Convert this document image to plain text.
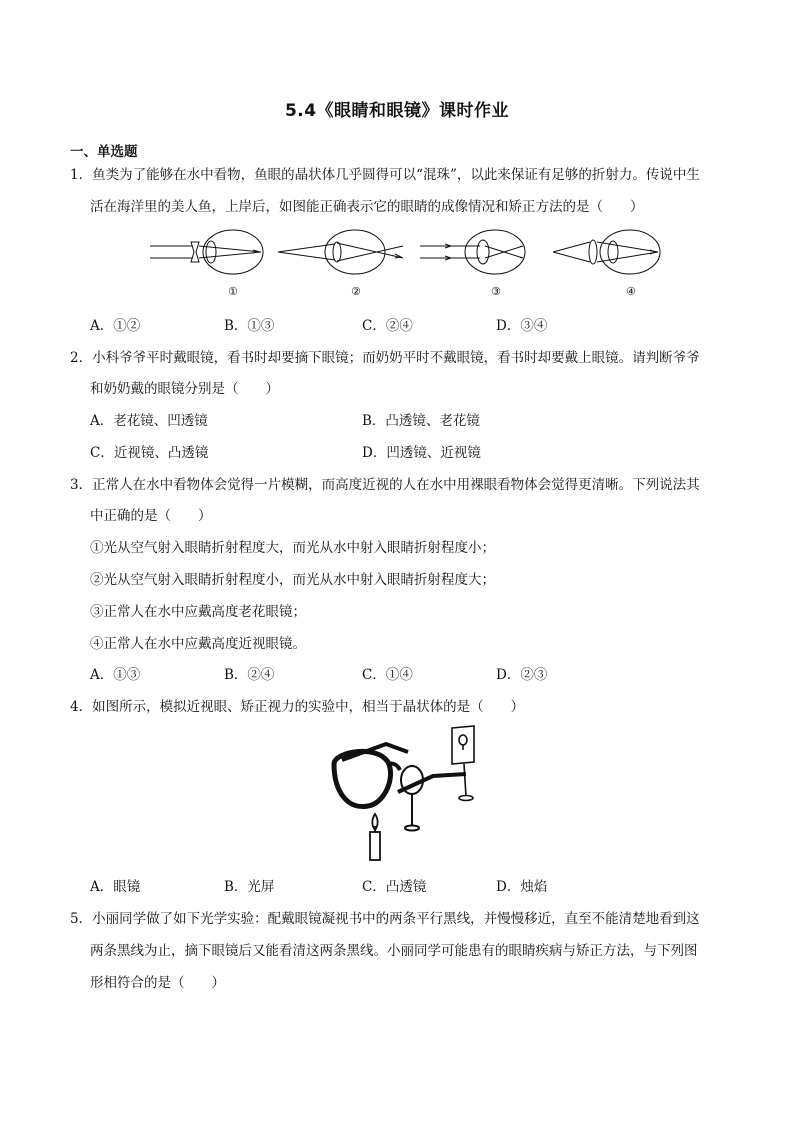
5.4《眼睛和眼镜》课时作业
一、单选题
1．鱼类为了能够在水中看物，鱼眼的晶状体几乎圆得可以“混珠”，以此来保证有足够的折射力。传说中生
活在海洋里的美人鱼，上岸后，如图能正确表示它的眼睛的成像情况和矫正方法的是（　　）
①	②	③	④
A．①②	B．①③	C．②④	D．③④
2．小科爷爷平时戴眼镜，看书时却要摘下眼镜；而奶奶平时不戴眼镜，看书时却要戴上眼镜。请判断爷爷
和奶奶戴的眼镜分别是（　　）
A．老花镜、凹透镜	B．凸透镜、老花镜
C．近视镜、凸透镜	D．凹透镜、近视镜
3．正常人在水中看物体会觉得一片模糊，而高度近视的人在水中用裸眼看物体会觉得更清晰。下列说法其
中正确的是（　　）
①光从空气射入眼睛折射程度大，而光从水中射入眼睛折射程度小；
②光从空气射入眼睛折射程度小，而光从水中射入眼睛折射程度大；
③正常人在水中应戴高度老花眼镜；
④正常人在水中应戴高度近视眼镜。
A．①③	B．②④	C．①④	D．②③
4．如图所示，模拟近视眼、矫正视力的实验中，相当于晶状体的是（　　）
A．眼镜	B．光屏	C．凸透镜	D．烛焰
5．小丽同学做了如下光学实验：配戴眼镜凝视书中的两条平行黑线，并慢慢移近，直至不能清楚地看到这
两条黑线为止，摘下眼镜后又能看清这两条黑线。小丽同学可能患有的眼睛疾病与矫正方法，与下列图
形相符合的是（　　）
